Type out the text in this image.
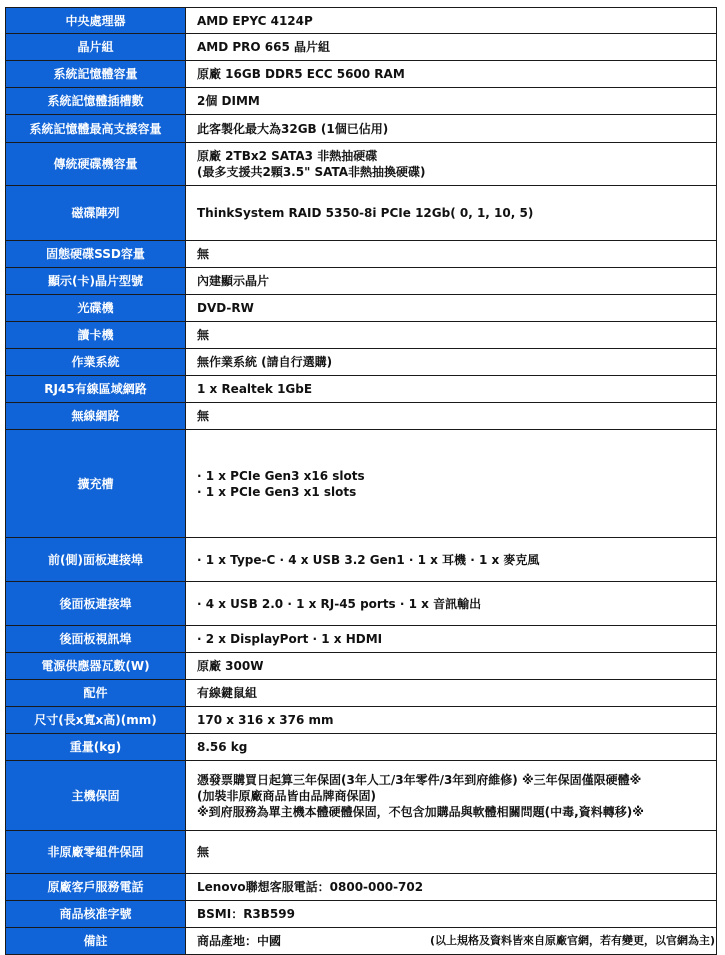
中央處理器	AMD EPYC 4124P

晶片組	AMD PRO 665 晶片組

系統記憶體容量	原廠 16GB DDR5 ECC 5600 RAM

系統記憶體插槽數	2個 DIMM

系統記憶體最高支援容量	此客製化最大為32GB (1個已佔用)

傳統硬碟機容量	原廠 2TBx2 SATA3 非熱抽硬碟
(最多支援共2顆3.5" SATA非熱抽換硬碟)

磁碟陣列	ThinkSystem RAID 5350-8i PCIe 12Gb( 0, 1, 10, 5)

固態硬碟SSD容量	無

顯示(卡)晶片型號	內建顯示晶片

光碟機	DVD-RW

讀卡機	無

作業系統	無作業系統 (請自行選購)

RJ45有線區域網路	1 x Realtek 1GbE

無線網路	無

擴充槽	· 1 x PCIe Gen3 x16 slots
· 1 x PCIe Gen3 x1 slots

前(側)面板連接埠	· 1 x Type-C · 4 x USB 3.2 Gen1 · 1 x 耳機 · 1 x 麥克風

後面板連接埠	· 4 x USB 2.0 · 1 x RJ-45 ports · 1 x 音訊輸出

後面板視訊埠	· 2 x DisplayPort · 1 x HDMI

電源供應器瓦數(W)	原廠 300W

配件	有線鍵鼠組

尺寸(長x寬x高)(mm)	170 x 316 x 376 mm

重量(kg)	8.56 kg

主機保固	憑發票購買日起算三年保固(3年人工/3年零件/3年到府維修) ※三年保固僅限硬體※
(加裝非原廠商品皆由品牌商保固)
※到府服務為單主機本體硬體保固，不包含加購品與軟體相關問題(中毒,資料轉移)※

非原廠零組件保固	無

原廠客戶服務電話	Lenovo聯想客服電話：0800-000-702

商品核准字號	BSMI：R3B599

備註	商品產地：中國	(以上規格及資料皆來自原廠官網，若有變更，以官網為主)
